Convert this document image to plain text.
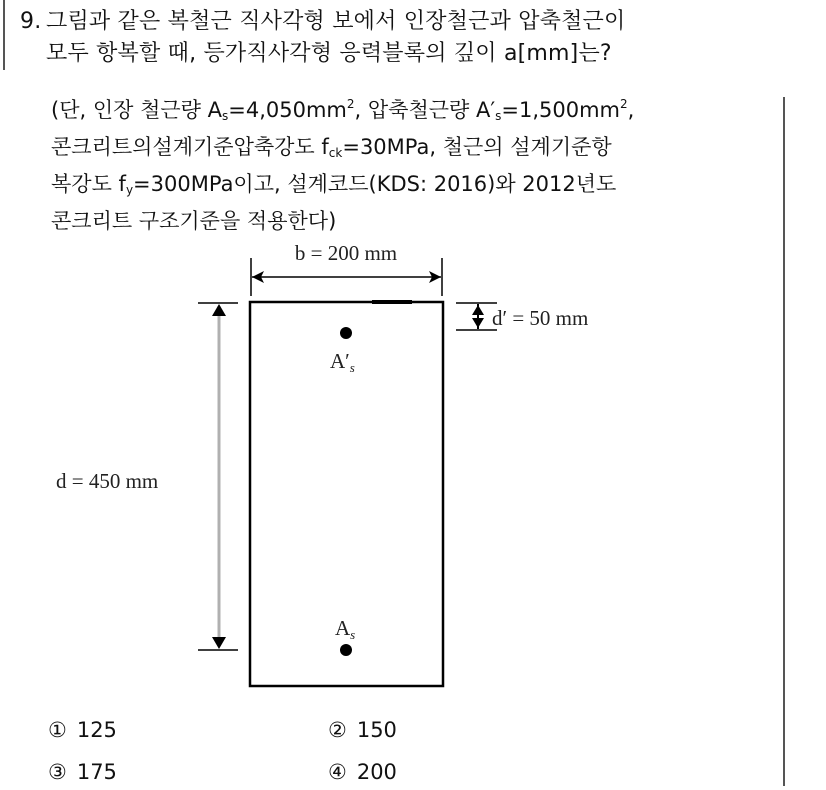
9. 그림과 같은 복철근 직사각형 보에서 인장철근과 압축철근이
모두 항복할 때, 등가직사각형 응력블록의 깊이 a[mm]는?
(단, 인장 철근량 $A_s=4,050mm^2$, 압축철근량 $A'_s=1,500mm^2$,
콘크리트의설계기준압축강도 $f_{ck}=30MPa$, 철근의 설계기준항
복강도 $f_y=300MPa$이고, 설계코드(KDS: 2016)와 2012년도
콘크리트 구조기준을 적용한다)
b = 200 mm
d = 450 mm
d′ = 50 mm
A′s
As
① 125	② 150
③ 175	④ 200
